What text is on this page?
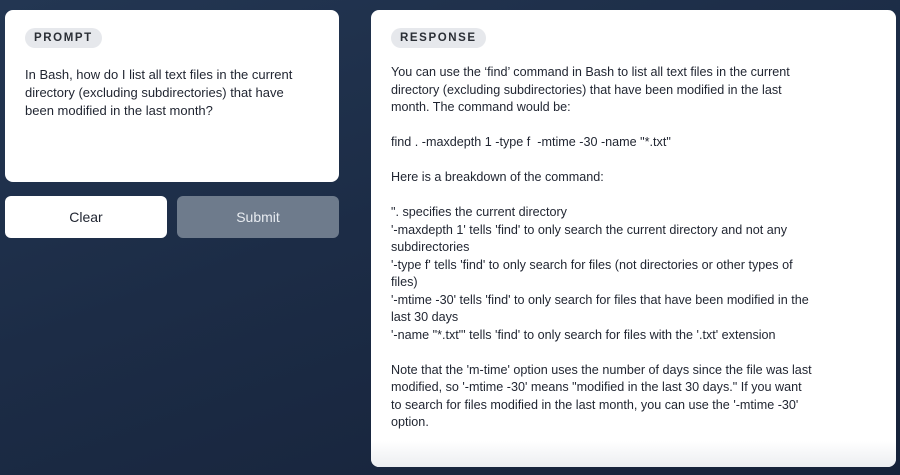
PROMPT
In Bash, how do I list all text files in the current
directory (excluding subdirectories) that have
been modified in the last month?
Clear	Submit
RESPONSE

You can use the ‘find’ command in Bash to list all text files in the current
directory (excluding subdirectories) that have been modified in the last
month. The command would be:

find . -maxdepth 1 -type f  -mtime -30 -name "*.txt"

Here is a breakdown of the command:

". specifies the current directory
'-maxdepth 1' tells 'find' to only search the current directory and not any
subdirectories
'-type f' tells 'find' to only search for files (not directories or other types of
files)
'-mtime -30' tells 'find' to only search for files that have been modified in the
last 30 days
'-name "*.txt"' tells 'find' to only search for files with the '.txt' extension

Note that the 'm-time' option uses the number of days since the file was last
modified, so '-mtime -30' means "modified in the last 30 days." If you want
to search for files modified in the last month, you can use the '-mtime -30'
option.
